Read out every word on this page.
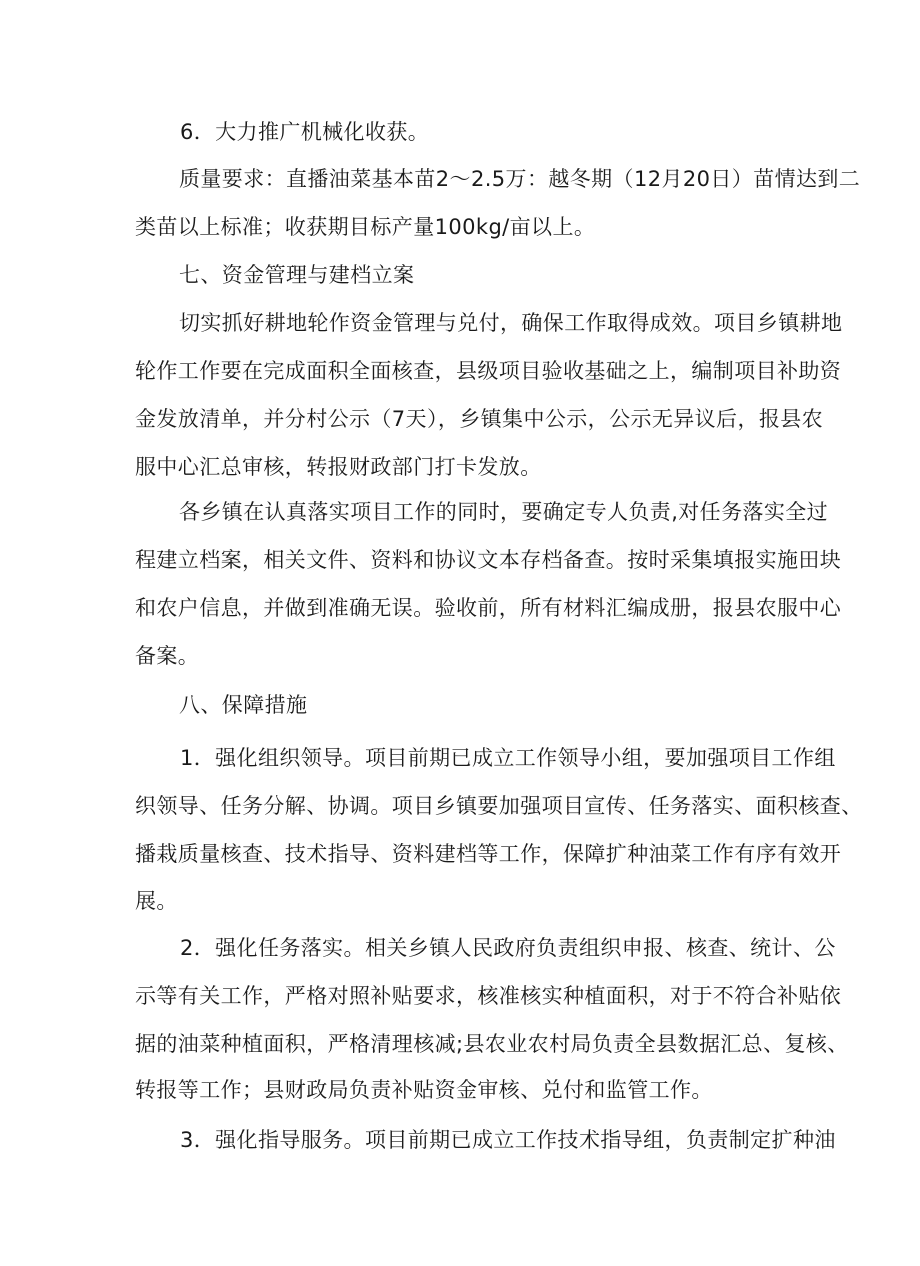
6．大力推广机械化收获。
质量要求：直播油菜基本苗2～2.5万：越冬期（12月20日）苗情达到二
类苗以上标准；收获期目标产量100kg/亩以上。
七、资金管理与建档立案
切实抓好耕地轮作资金管理与兑付，确保工作取得成效。项目乡镇耕地
轮作工作要在完成面积全面核查，县级项目验收基础之上，编制项目补助资
金发放清单，并分村公示（7天），乡镇集中公示，公示无异议后，报县农
服中心汇总审核，转报财政部门打卡发放。
各乡镇在认真落实项目工作的同时，要确定专人负责,对任务落实全过
程建立档案，相关文件、资料和协议文本存档备查。按时采集填报实施田块
和农户信息，并做到准确无误。验收前，所有材料汇编成册，报县农服中心
备案。
八、保障措施
1．强化组织领导。项目前期已成立工作领导小组，要加强项目工作组
织领导、任务分解、协调。项目乡镇要加强项目宣传、任务落实、面积核查、
播栽质量核查、技术指导、资料建档等工作，保障扩种油菜工作有序有效开
展。
2．强化任务落实。相关乡镇人民政府负责组织申报、核查、统计、公
示等有关工作，严格对照补贴要求，核准核实种植面积，对于不符合补贴依
据的油菜种植面积，严格清理核减;县农业农村局负责全县数据汇总、复核、
转报等工作；县财政局负责补贴资金审核、兑付和监管工作。
3．强化指导服务。项目前期已成立工作技术指导组，负责制定扩种油
